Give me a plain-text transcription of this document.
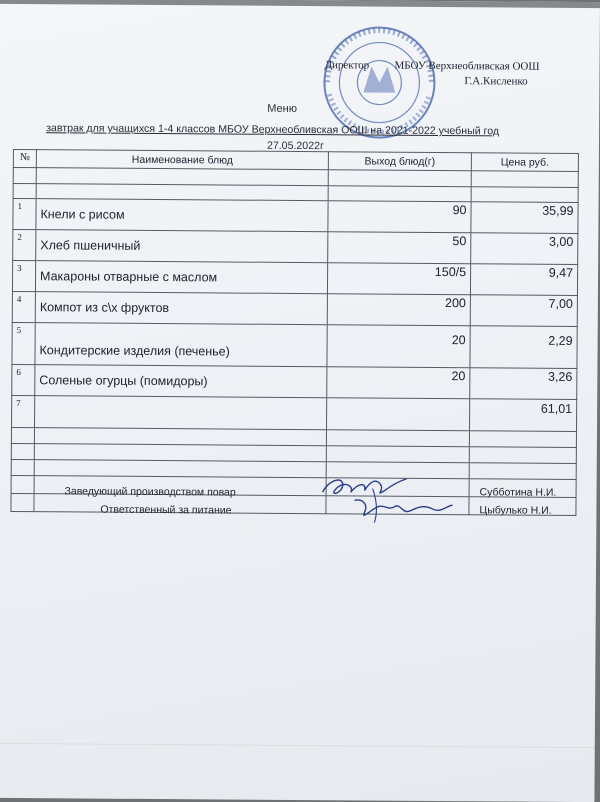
Директор МБОУ Верхнеобливская ООШ
Г.А.Кисленко
Меню
завтрак для учащихся 1-4 классов МБОУ Верхнеобливская ООШ на 2021-2022 учебный год
27.05.2022г
№	Наименование блюд	Выход блюд(г)	Цена руб.

1	Кнели с рисом	90	35,99

2	Хлеб пшеничный	50	3,00

3	Макароны отварные с маслом	150/5	9,47

4	Компот из с\х фруктов	200	7,00

5	Кондитерские изделия (печенье)	20	2,29

6	Соленые огурцы (помидоры)	20	3,26

7			61,01

Заведующий производством повар	Субботина Н.И.
Ответственный за питание	Цыбулько Н.И.
